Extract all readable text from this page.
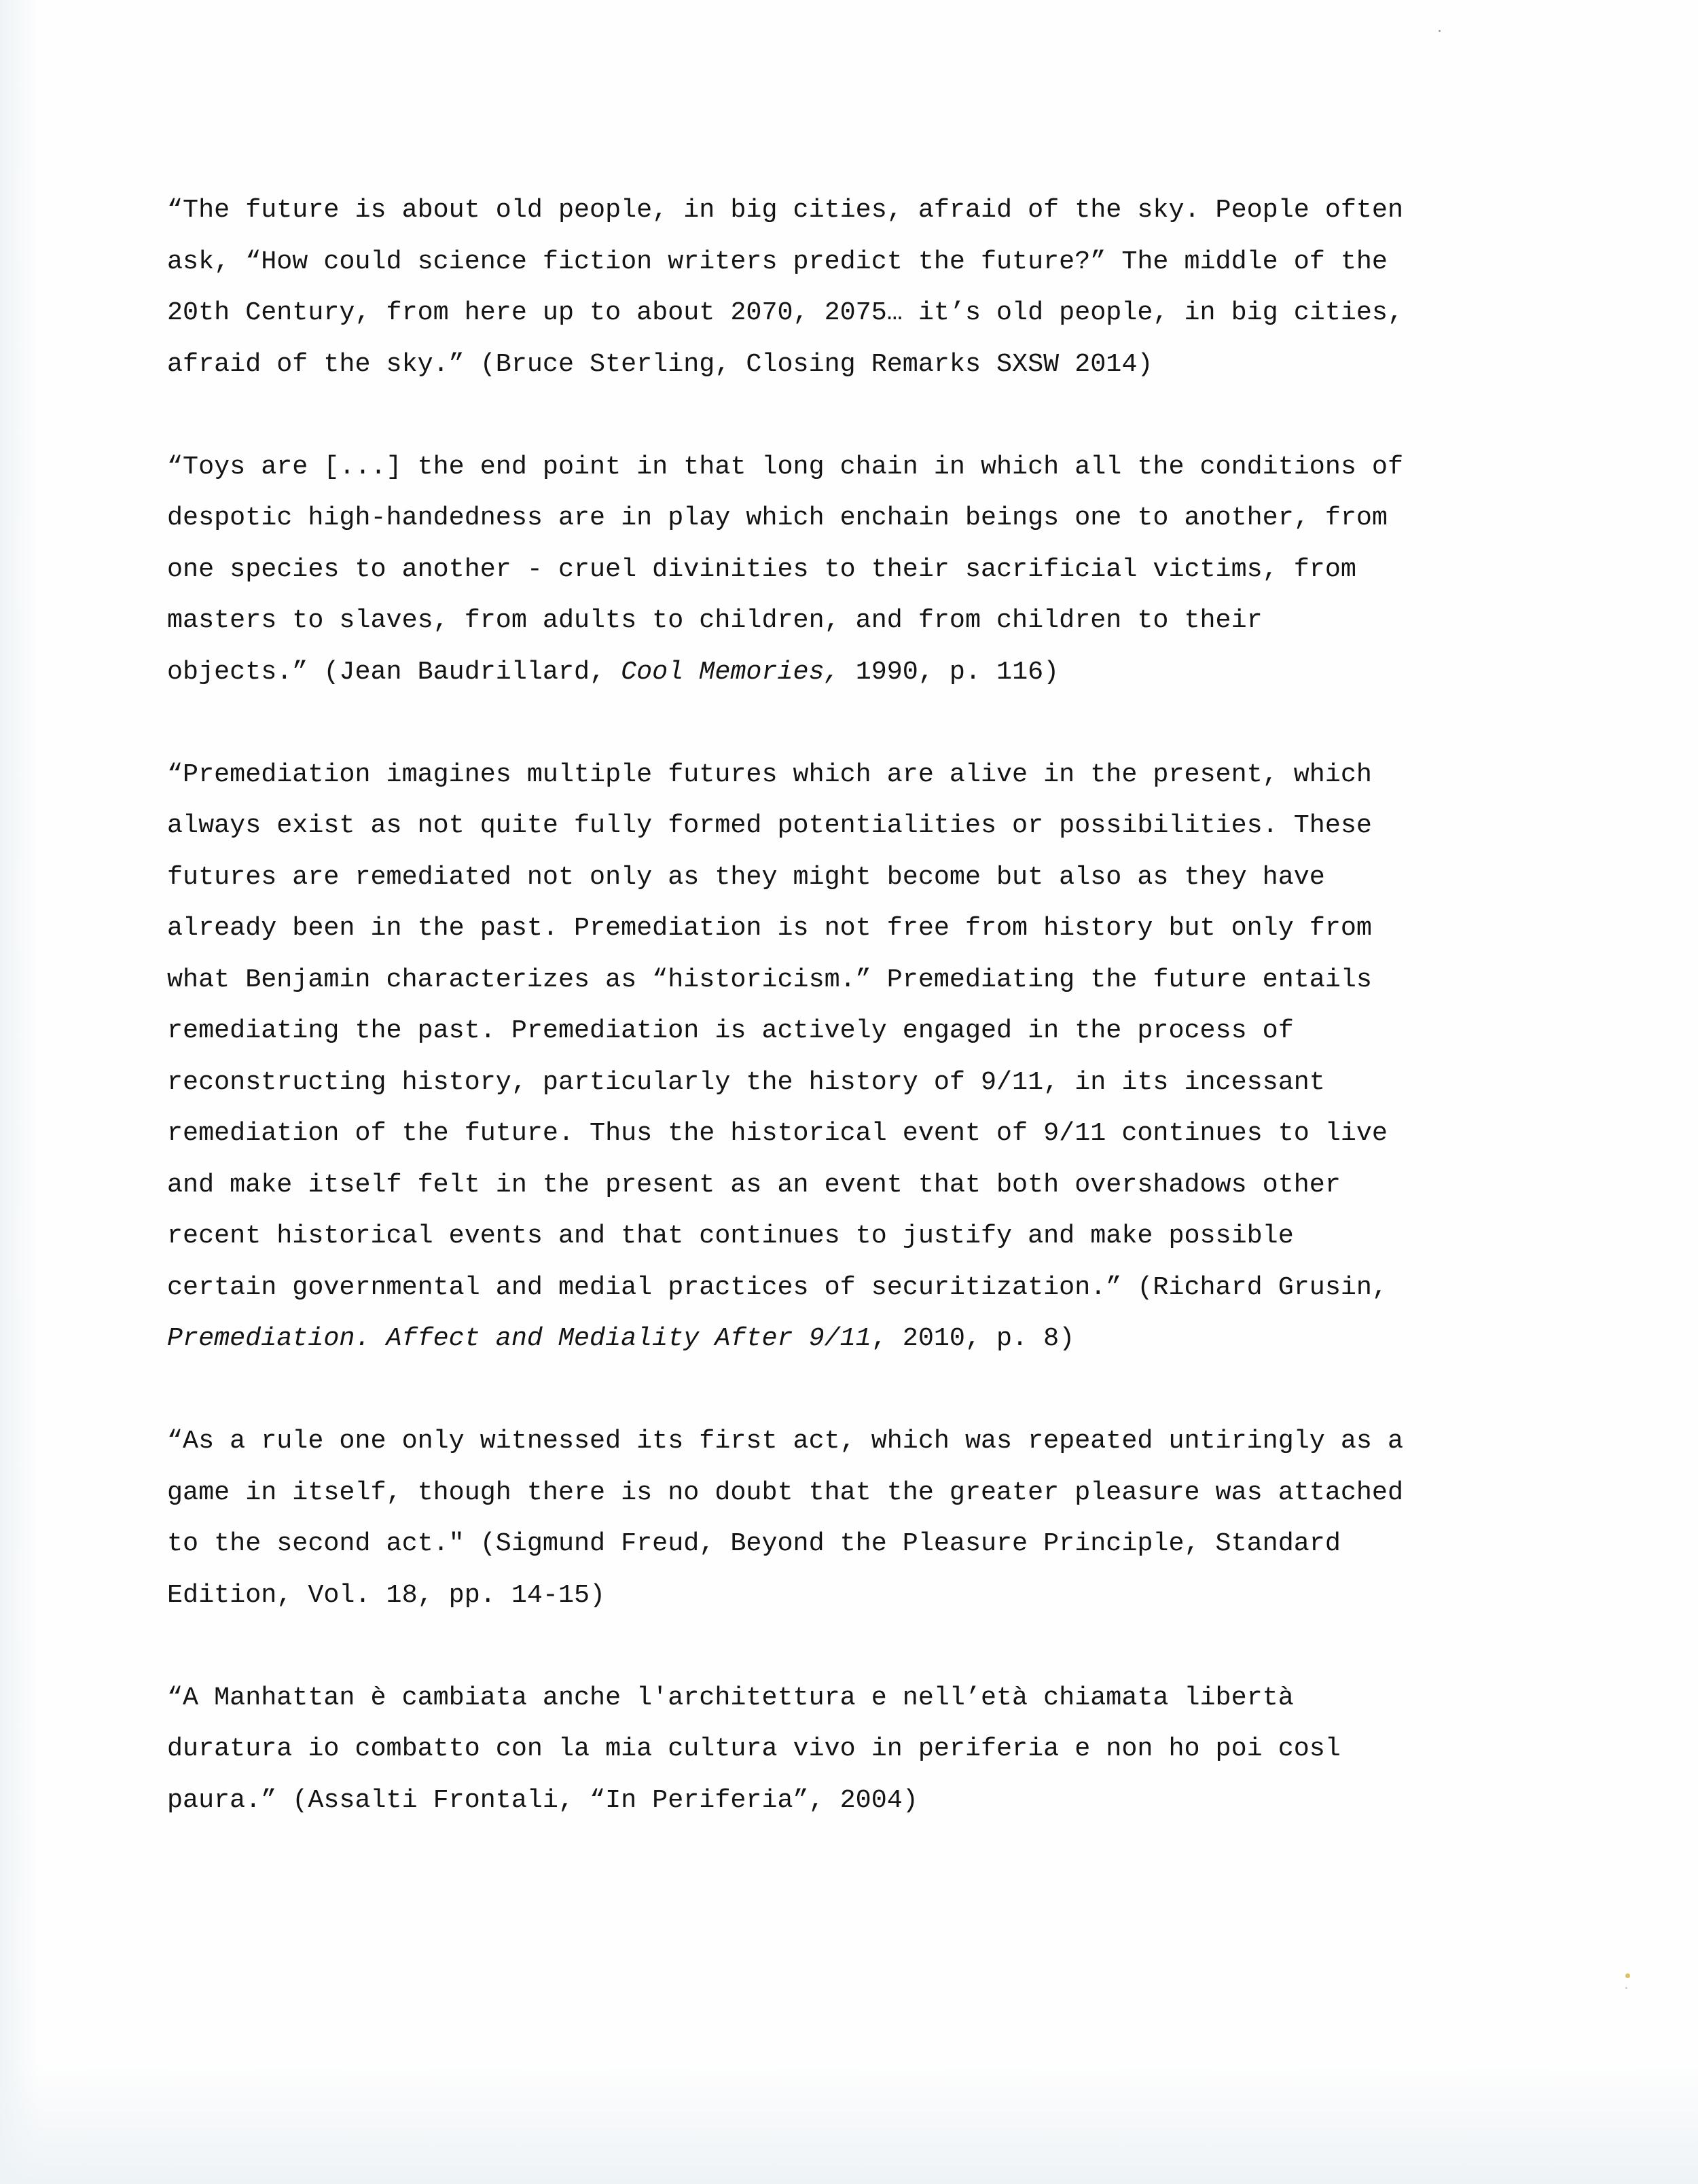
“The future is about old people, in big cities, afraid of the sky. People often
ask, “How could science fiction writers predict the future?” The middle of the
20th Century, from here up to about 2070, 2075… it’s old people, in big cities,
afraid of the sky.” (Bruce Sterling, Closing Remarks SXSW 2014)

“Toys are [...] the end point in that long chain in which all the conditions of
despotic high-handedness are in play which enchain beings one to another, from
one species to another - cruel divinities to their sacrificial victims, from
masters to slaves, from adults to children, and from children to their
objects.” (Jean Baudrillard, Cool Memories, 1990, p. 116)

“Premediation imagines multiple futures which are alive in the present, which
always exist as not quite fully formed potentialities or possibilities. These
futures are remediated not only as they might become but also as they have
already been in the past. Premediation is not free from history but only from
what Benjamin characterizes as “historicism.” Premediating the future entails
remediating the past. Premediation is actively engaged in the process of
reconstructing history, particularly the history of 9/11, in its incessant
remediation of the future. Thus the historical event of 9/11 continues to live
and make itself felt in the present as an event that both overshadows other
recent historical events and that continues to justify and make possible
certain governmental and medial practices of securitization.” (Richard Grusin,
Premediation. Affect and Mediality After 9/11, 2010, p. 8)

“As a rule one only witnessed its first act, which was repeated untiringly as a
game in itself, though there is no doubt that the greater pleasure was attached
to the second act." (Sigmund Freud, Beyond the Pleasure Principle, Standard
Edition, Vol. 18, pp. 14-15)

“A Manhattan è cambiata anche l'architettura e nell’età chiamata libertà
duratura io combatto con la mia cultura vivo in periferia e non ho poi cosl
paura.” (Assalti Frontali, “In Periferia”, 2004)
